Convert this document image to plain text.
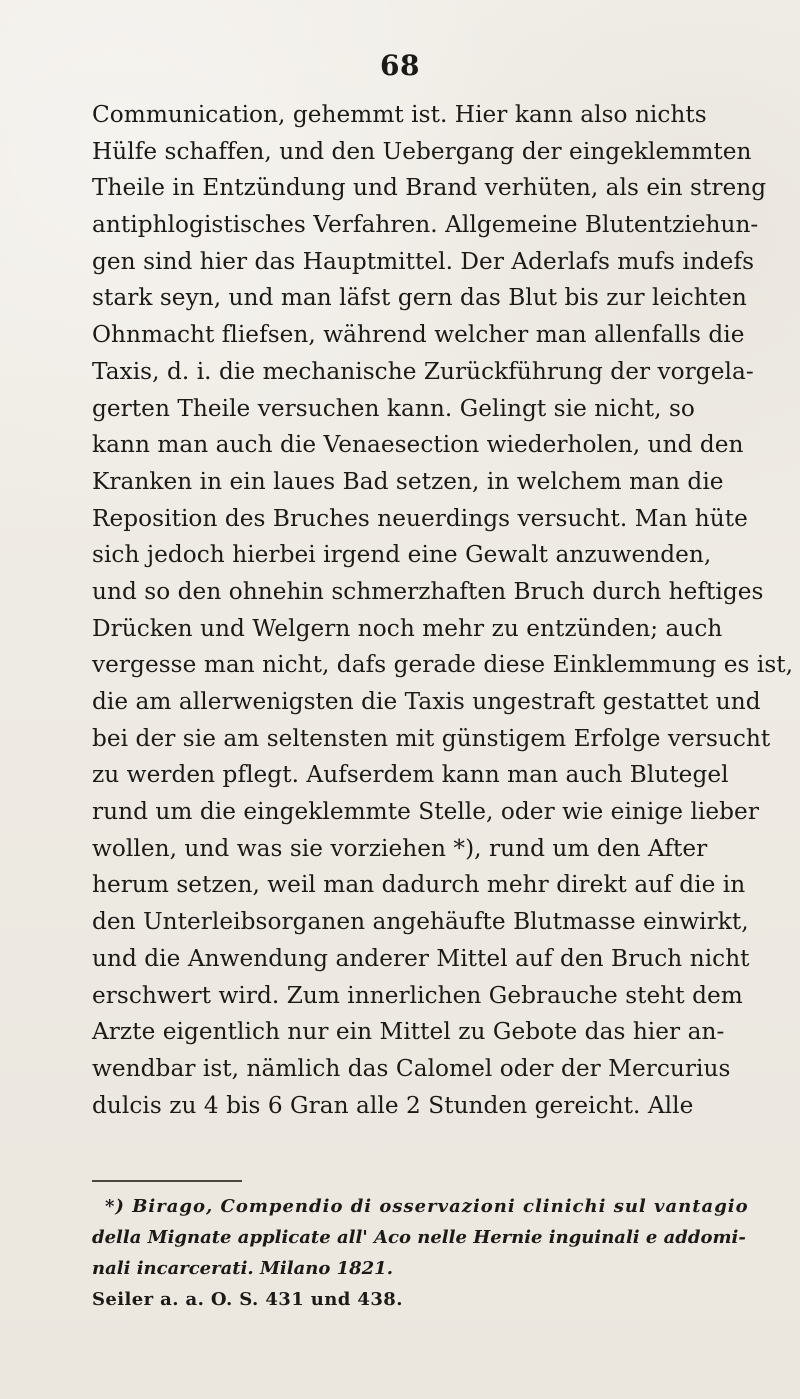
68
Communication, gehemmt ist. Hier kann also nichts
Hülfe schaffen, und den Uebergang der eingeklemmten
Theile in Entzündung und Brand verhüten, als ein streng
antiphlogistisches Verfahren. Allgemeine Blutentziehun-
gen sind hier das Hauptmittel. Der Aderlafs mufs indefs
stark seyn, und man läfst gern das Blut bis zur leichten
Ohnmacht fliefsen, während welcher man allenfalls die
Taxis, d. i. die mechanische Zurückführung der vorgela-
gerten Theile versuchen kann. Gelingt sie nicht, so
kann man auch die Venaesection wiederholen, und den
Kranken in ein laues Bad setzen, in welchem man die
Reposition des Bruches neuerdings versucht. Man hüte
sich jedoch hierbei irgend eine Gewalt anzuwenden,
und so den ohnehin schmerzhaften Bruch durch heftiges
Drücken und Welgern noch mehr zu entzünden; auch
vergesse man nicht, dafs gerade diese Einklemmung es ist,
die am allerwenigsten die Taxis ungestraft gestattet und
bei der sie am seltensten mit günstigem Erfolge versucht
zu werden pflegt. Aufserdem kann man auch Blutegel
rund um die eingeklemmte Stelle, oder wie einige lieber
wollen, und was sie vorziehen *), rund um den After
herum setzen, weil man dadurch mehr direkt auf die in
den Unterleibsorganen angehäufte Blutmasse einwirkt,
und die Anwendung anderer Mittel auf den Bruch nicht
erschwert wird. Zum innerlichen Gebrauche steht dem
Arzte eigentlich nur ein Mittel zu Gebote das hier an-
wendbar ist, nämlich das Calomel oder der Mercurius
dulcis zu 4 bis 6 Gran alle 2 Stunden gereicht. Alle
*) Birago, Compendio di osservazioni clinichi sul vantagio
della Mignate applicate all' Aco nelle Hernie inguinali e addomi-
nali incarcerati. Milano 1821.
Seiler a. a. O. S. 431 und 438.
